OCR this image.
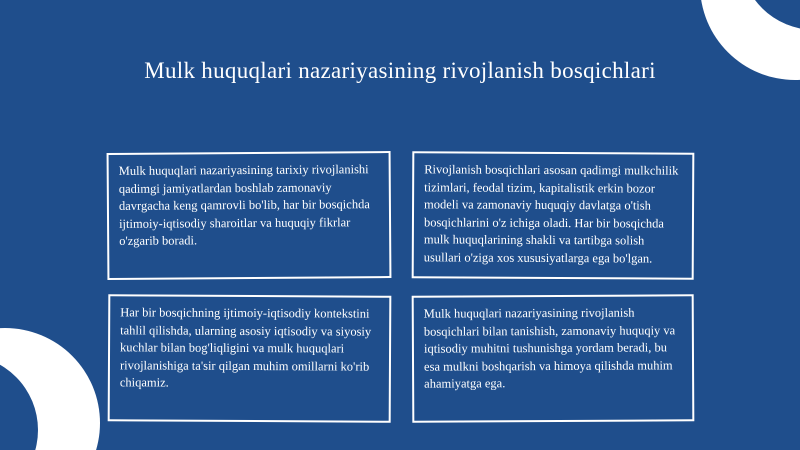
Mulk huquqlari nazariyasining rivojlanish bosqichlari
Mulk huquqlari nazariyasining tarixiy rivojlanishi qadimgi jamiyatlardan boshlab zamonaviy davrgacha keng qamrovli bo'lib, har bir bosqichda ijtimoiy-iqtisodiy sharoitlar va huquqiy fikrlar o'zgarib boradi.
Rivojlanish bosqichlari asosan qadimgi mulkchilik tizimlari, feodal tizim, kapitalistik erkin bozor modeli va zamonaviy huquqiy davlatga o'tish bosqichlarini o'z ichiga oladi. Har bir bosqichda mulk huquqlarining shakli va tartibga solish usullari o'ziga xos xususiyatlarga ega bo'lgan.
Har bir bosqichning ijtimoiy-iqtisodiy kontekstini tahlil qilishda, ularning asosiy iqtisodiy va siyosiy kuchlar bilan bog'liqligini va mulk huquqlari rivojlanishiga ta'sir qilgan muhim omillarni ko'rib chiqamiz.
Mulk huquqlari nazariyasining rivojlanish bosqichlari bilan tanishish, zamonaviy huquqiy va iqtisodiy muhitni tushunishga yordam beradi, bu esa mulkni boshqarish va himoya qilishda muhim ahamiyatga ega.
